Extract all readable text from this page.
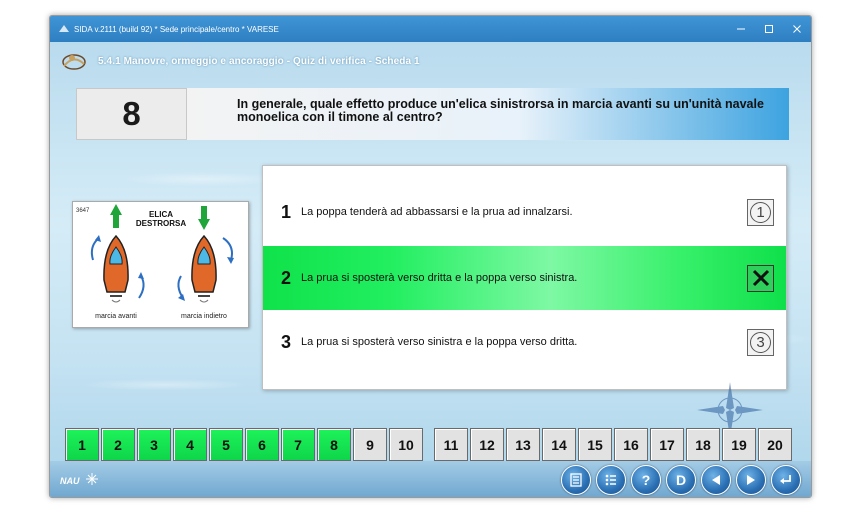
SIDA v.2111 (build 92) * Sede principale/centro * VARESE
5.4.1 Manovre, ormeggio e ancoraggio - Quiz di verifica - Scheda 1
8	In generale, quale effetto produce un'elica sinistrorsa in marcia avanti su un'unità navale monoelica con il timone al centro?
3647	ELICA
DESTRORSA
marcia avanti	marcia indietro
1 La poppa tenderà ad abbassarsi e la prua ad innalzarsi.	1
2 La prua si sposterà verso dritta e la poppa verso sinistra.
3 La prua si sposterà verso sinistra e la poppa verso dritta.	3
1	2	3	4	5	6	7	8	9	10	11	12	13	14	15	16	17	18	19	20
NAU	? D
